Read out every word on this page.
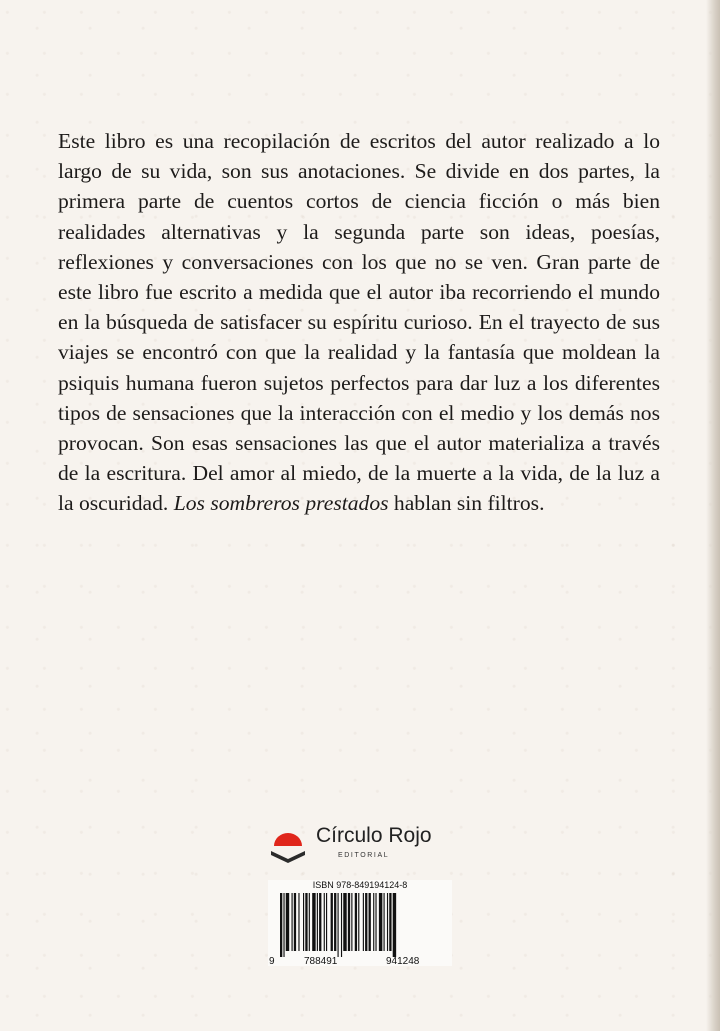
Este libro es una recopilación de escritos del autor realizado a lo largo de su vida, son sus anotaciones. Se divide en dos partes, la primera parte de cuentos cortos de ciencia ficción o más bien realidades alternativas y la segunda parte son ideas, poesías, reflexiones y conversaciones con los que no se ven. Gran parte de este libro fue escrito a medida que el autor iba recorriendo el mundo en la búsqueda de satisfacer su espíritu curioso. En el trayecto de sus viajes se encontró con que la realidad y la fantasía que moldean la psiquis humana fueron sujetos perfectos para dar luz a los diferentes tipos de sensaciones que la interacción con el medio y los demás nos provocan. Son esas sensaciones las que el autor materializa a través de la escritura. Del amor al miedo, de la muerte a la vida, de la luz a la oscuridad. Los sombreros prestados hablan sin filtros.

Círculo Rojo
EDITORIAL
ISBN 978-849194124-8
9	788491	941248
